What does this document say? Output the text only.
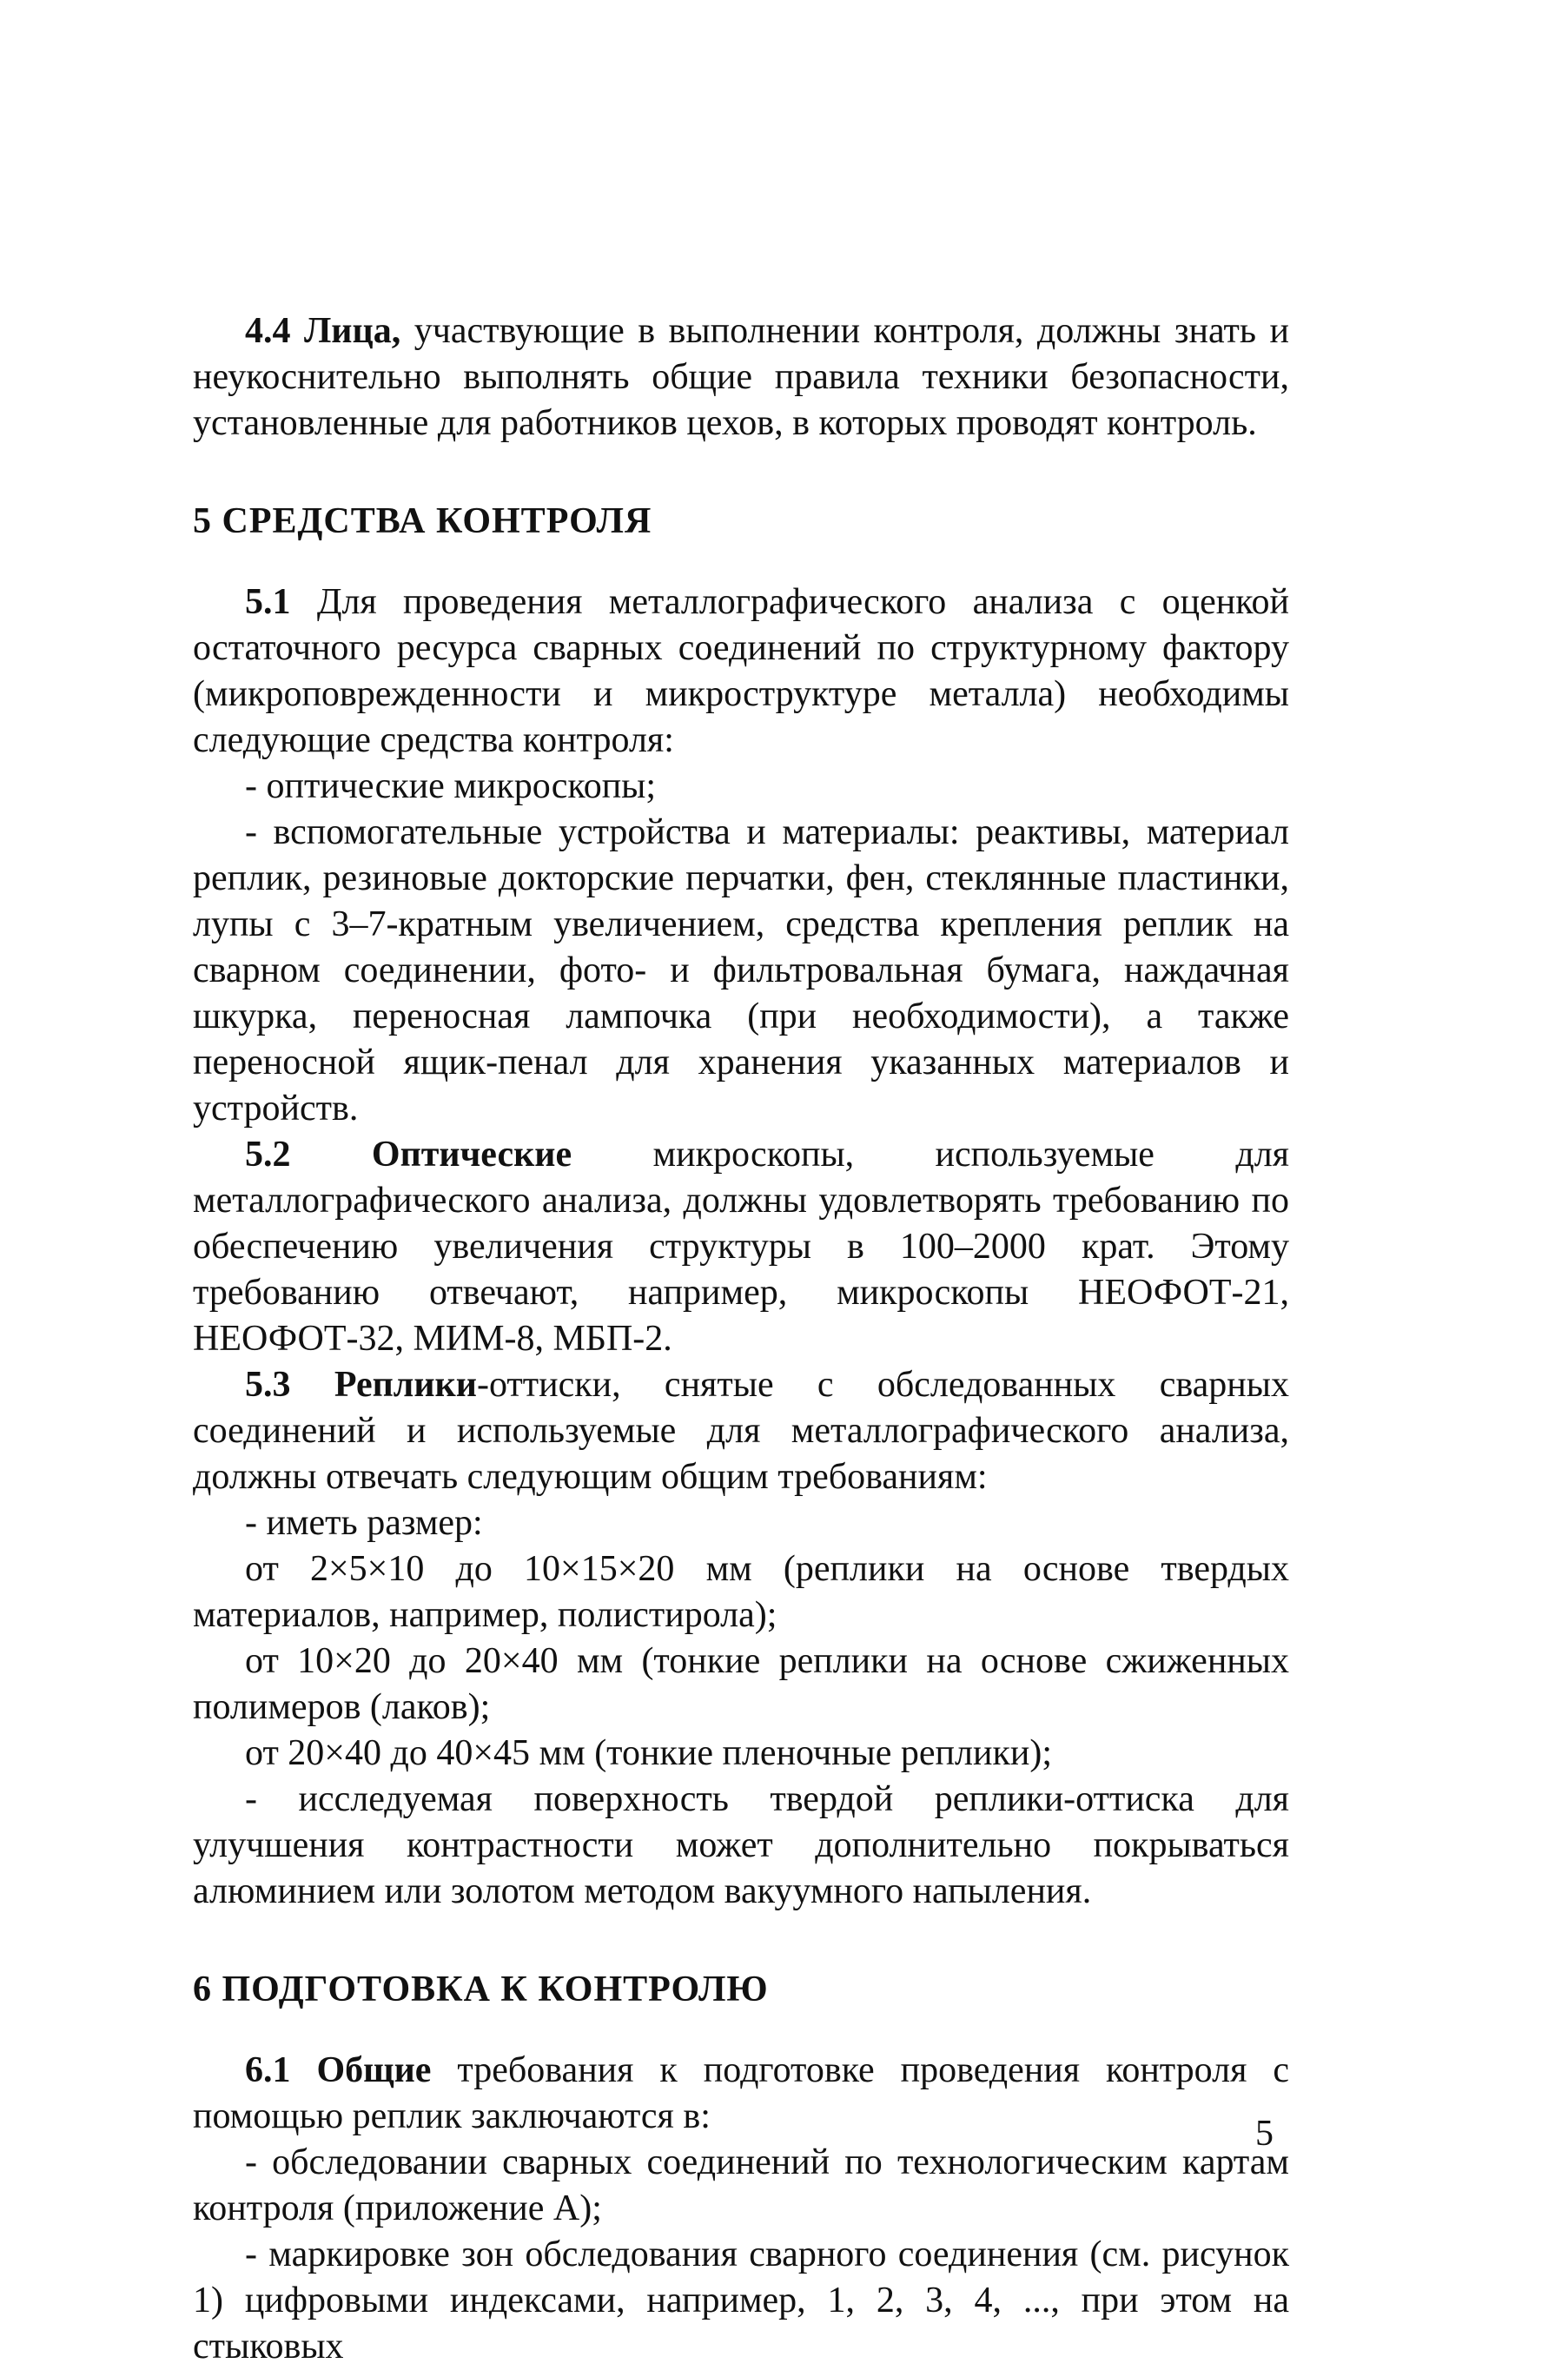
4.4 Лица, участвующие в выполнении контроля, должны знать и неукоснительно выполнять общие правила техники безопасности, установленные для работников цехов, в которых проводят контроль.

5 СРЕДСТВА КОНТРОЛЯ

5.1 Для проведения металлографического анализа с оценкой остаточного ресурса сварных соединений по структурному фактору (микроповрежденности и микроструктуре металла) необходимы следующие средства контроля:

- оптические микроскопы;

- вспомогательные устройства и материалы: реактивы, материал реплик, резиновые докторские перчатки, фен, стеклянные пластинки, лупы с 3–7-кратным увеличением, средства крепления реплик на сварном соединении, фото- и фильтровальная бумага, наждачная шкурка, переносная лампочка (при необходимости), а также переносной ящик-пенал для хранения указанных материалов и устройств.

5.2 Оптические микроскопы, используемые для металлографического анализа, должны удовлетворять требованию по обеспечению увеличения структуры в 100–2000 крат. Этому требованию отвечают, например, микроскопы НЕОФОТ-21, НЕОФОТ-32, МИМ-8, МБП-2.

5.3 Реплики-оттиски, снятые с обследованных сварных соединений и используемые для металлографического анализа, должны отвечать следующим общим требованиям:

- иметь размер:

от 2×5×10 до 10×15×20 мм (реплики на основе твердых материалов, например, полистирола);

от 10×20 до 20×40 мм (тонкие реплики на основе сжиженных полимеров (лаков);

от 20×40 до 40×45 мм (тонкие пленочные реплики);

- исследуемая поверхность твердой реплики-оттиска для улучшения контрастности может дополнительно покрываться алюминием или золотом методом вакуумного напыления.

6 ПОДГОТОВКА К КОНТРОЛЮ

6.1 Общие требования к подготовке проведения контроля с помощью реплик заключаются в:

- обследовании сварных соединений по технологическим картам контроля (приложение А);

- маркировке зон обследования сварного соединения (см. рисунок 1) цифровыми индексами, например, 1, 2, 3, 4, ..., при этом на стыковых

5
